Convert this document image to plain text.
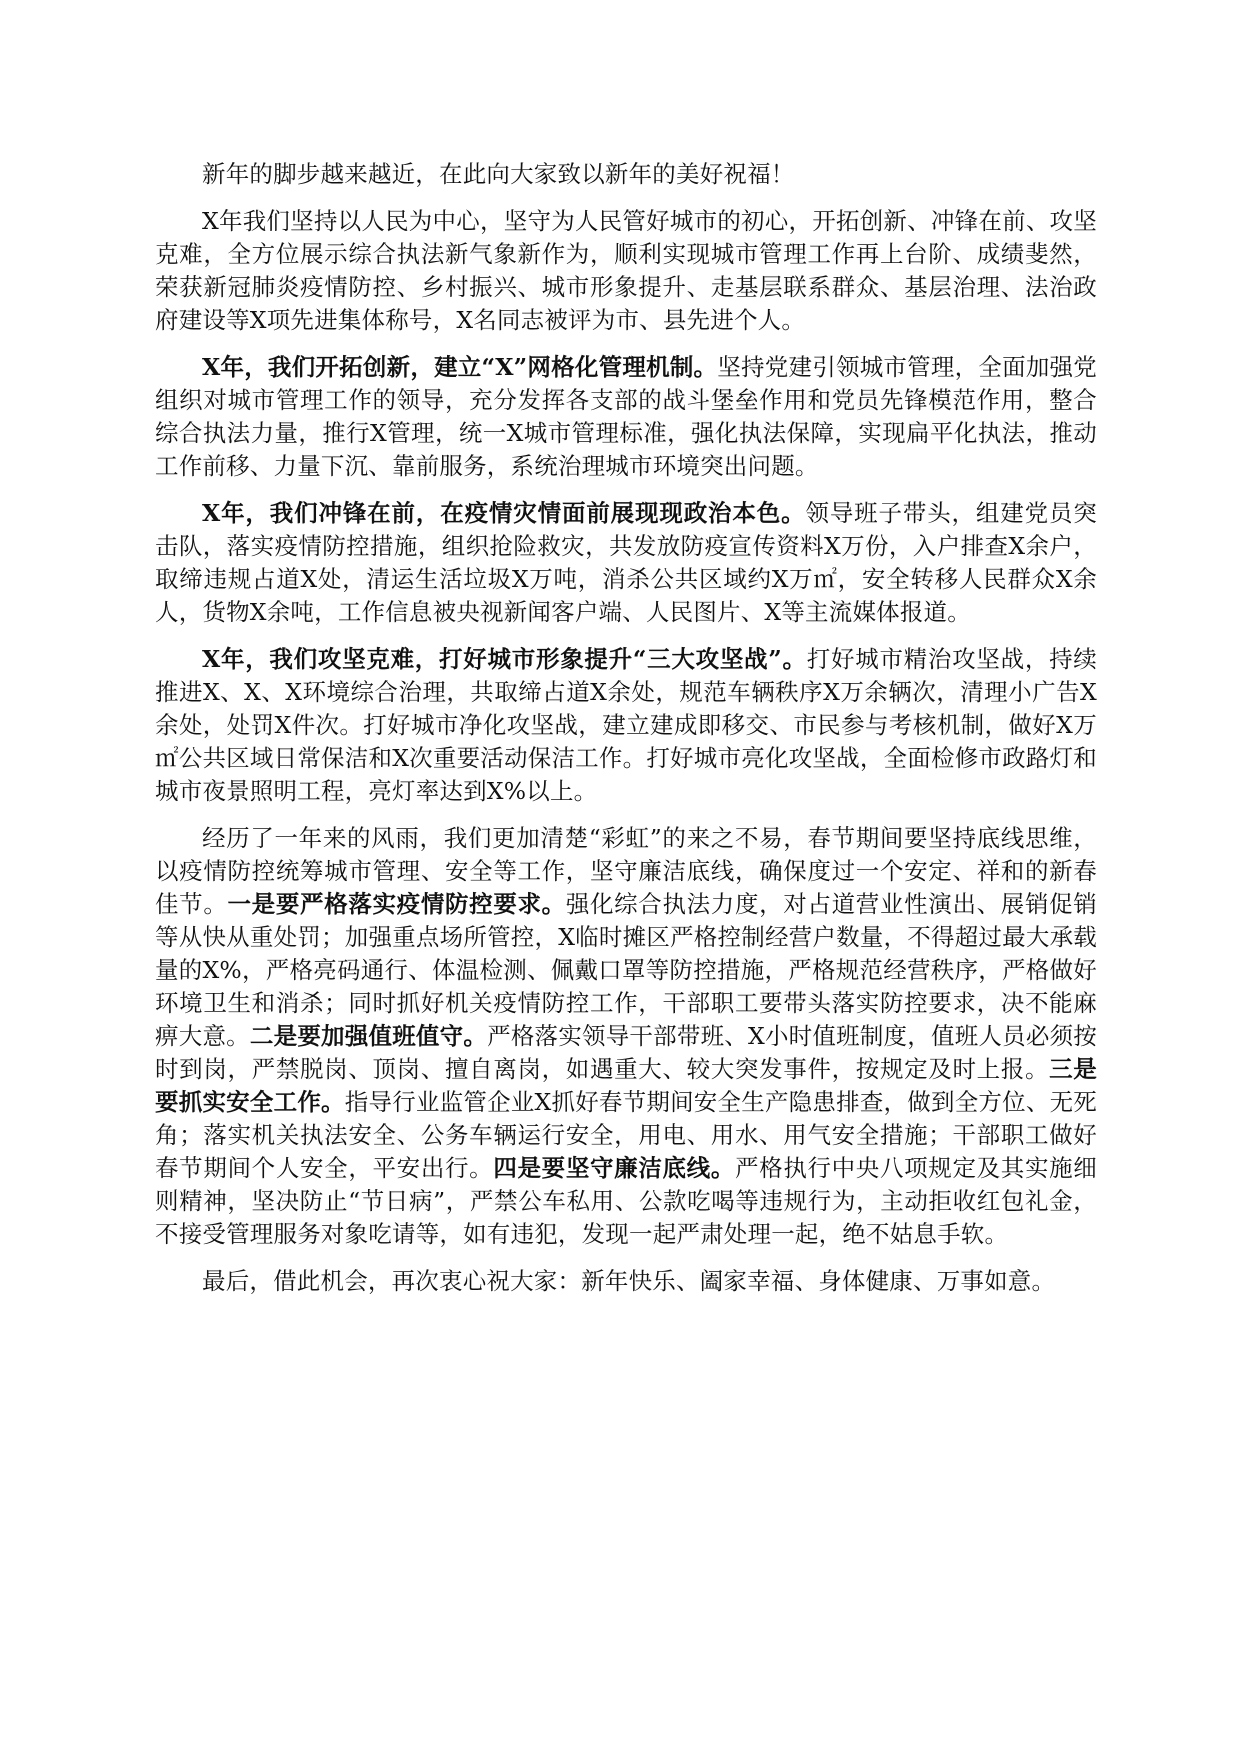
新年的脚步越来越近，在此向大家致以新年的美好祝福！

X年我们坚持以人民为中心，坚守为人民管好城市的初心，开拓创新、冲锋在前、攻坚克难，全方位展示综合执法新气象新作为，顺利实现城市管理工作再上台阶、成绩斐然，荣获新冠肺炎疫情防控、乡村振兴、城市形象提升、走基层联系群众、基层治理、法治政府建设等X项先进集体称号，X名同志被评为市、县先进个人。

X年，我们开拓创新，建立“X”网格化管理机制。坚持党建引领城市管理，全面加强党组织对城市管理工作的领导，充分发挥各支部的战斗堡垒作用和党员先锋模范作用，整合综合执法力量，推行X管理，统一X城市管理标准，强化执法保障，实现扁平化执法，推动工作前移、力量下沉、靠前服务，系统治理城市环境突出问题。

X年，我们冲锋在前，在疫情灾情面前展现现政治本色。领导班子带头，组建党员突击队，落实疫情防控措施，组织抢险救灾，共发放防疫宣传资料X万份，入户排查X余户，取缔违规占道X处，清运生活垃圾X万吨，消杀公共区域约X万㎡，安全转移人民群众X余人，货物X余吨，工作信息被央视新闻客户端、人民图片、X等主流媒体报道。

X年，我们攻坚克难，打好城市形象提升“三大攻坚战”。打好城市精治攻坚战，持续推进X、X、X环境综合治理，共取缔占道X余处，规范车辆秩序X万余辆次，清理小广告X余处，处罚X件次。打好城市净化攻坚战，建立建成即移交、市民参与考核机制，做好X万㎡公共区域日常保洁和X次重要活动保洁工作。打好城市亮化攻坚战，全面检修市政路灯和城市夜景照明工程，亮灯率达到X%以上。

经历了一年来的风雨，我们更加清楚“彩虹”的来之不易，春节期间要坚持底线思维，以疫情防控统筹城市管理、安全等工作，坚守廉洁底线，确保度过一个安定、祥和的新春佳节。一是要严格落实疫情防控要求。强化综合执法力度，对占道营业性演出、展销促销等从快从重处罚；加强重点场所管控，X临时摊区严格控制经营户数量，不得超过最大承载量的X%，严格亮码通行、体温检测、佩戴口罩等防控措施，严格规范经营秩序，严格做好环境卫生和消杀；同时抓好机关疫情防控工作，干部职工要带头落实防控要求，决不能麻痹大意。二是要加强值班值守。严格落实领导干部带班、X小时值班制度，值班人员必须按时到岗，严禁脱岗、顶岗、擅自离岗，如遇重大、较大突发事件，按规定及时上报。三是要抓实安全工作。指导行业监管企业X抓好春节期间安全生产隐患排查，做到全方位、无死角；落实机关执法安全、公务车辆运行安全，用电、用水、用气安全措施；干部职工做好春节期间个人安全，平安出行。四是要坚守廉洁底线。严格执行中央八项规定及其实施细则精神，坚决防止“节日病”，严禁公车私用、公款吃喝等违规行为，主动拒收红包礼金，不接受管理服务对象吃请等，如有违犯，发现一起严肃处理一起，绝不姑息手软。

最后，借此机会，再次衷心祝大家：新年快乐、阖家幸福、身体健康、万事如意。
